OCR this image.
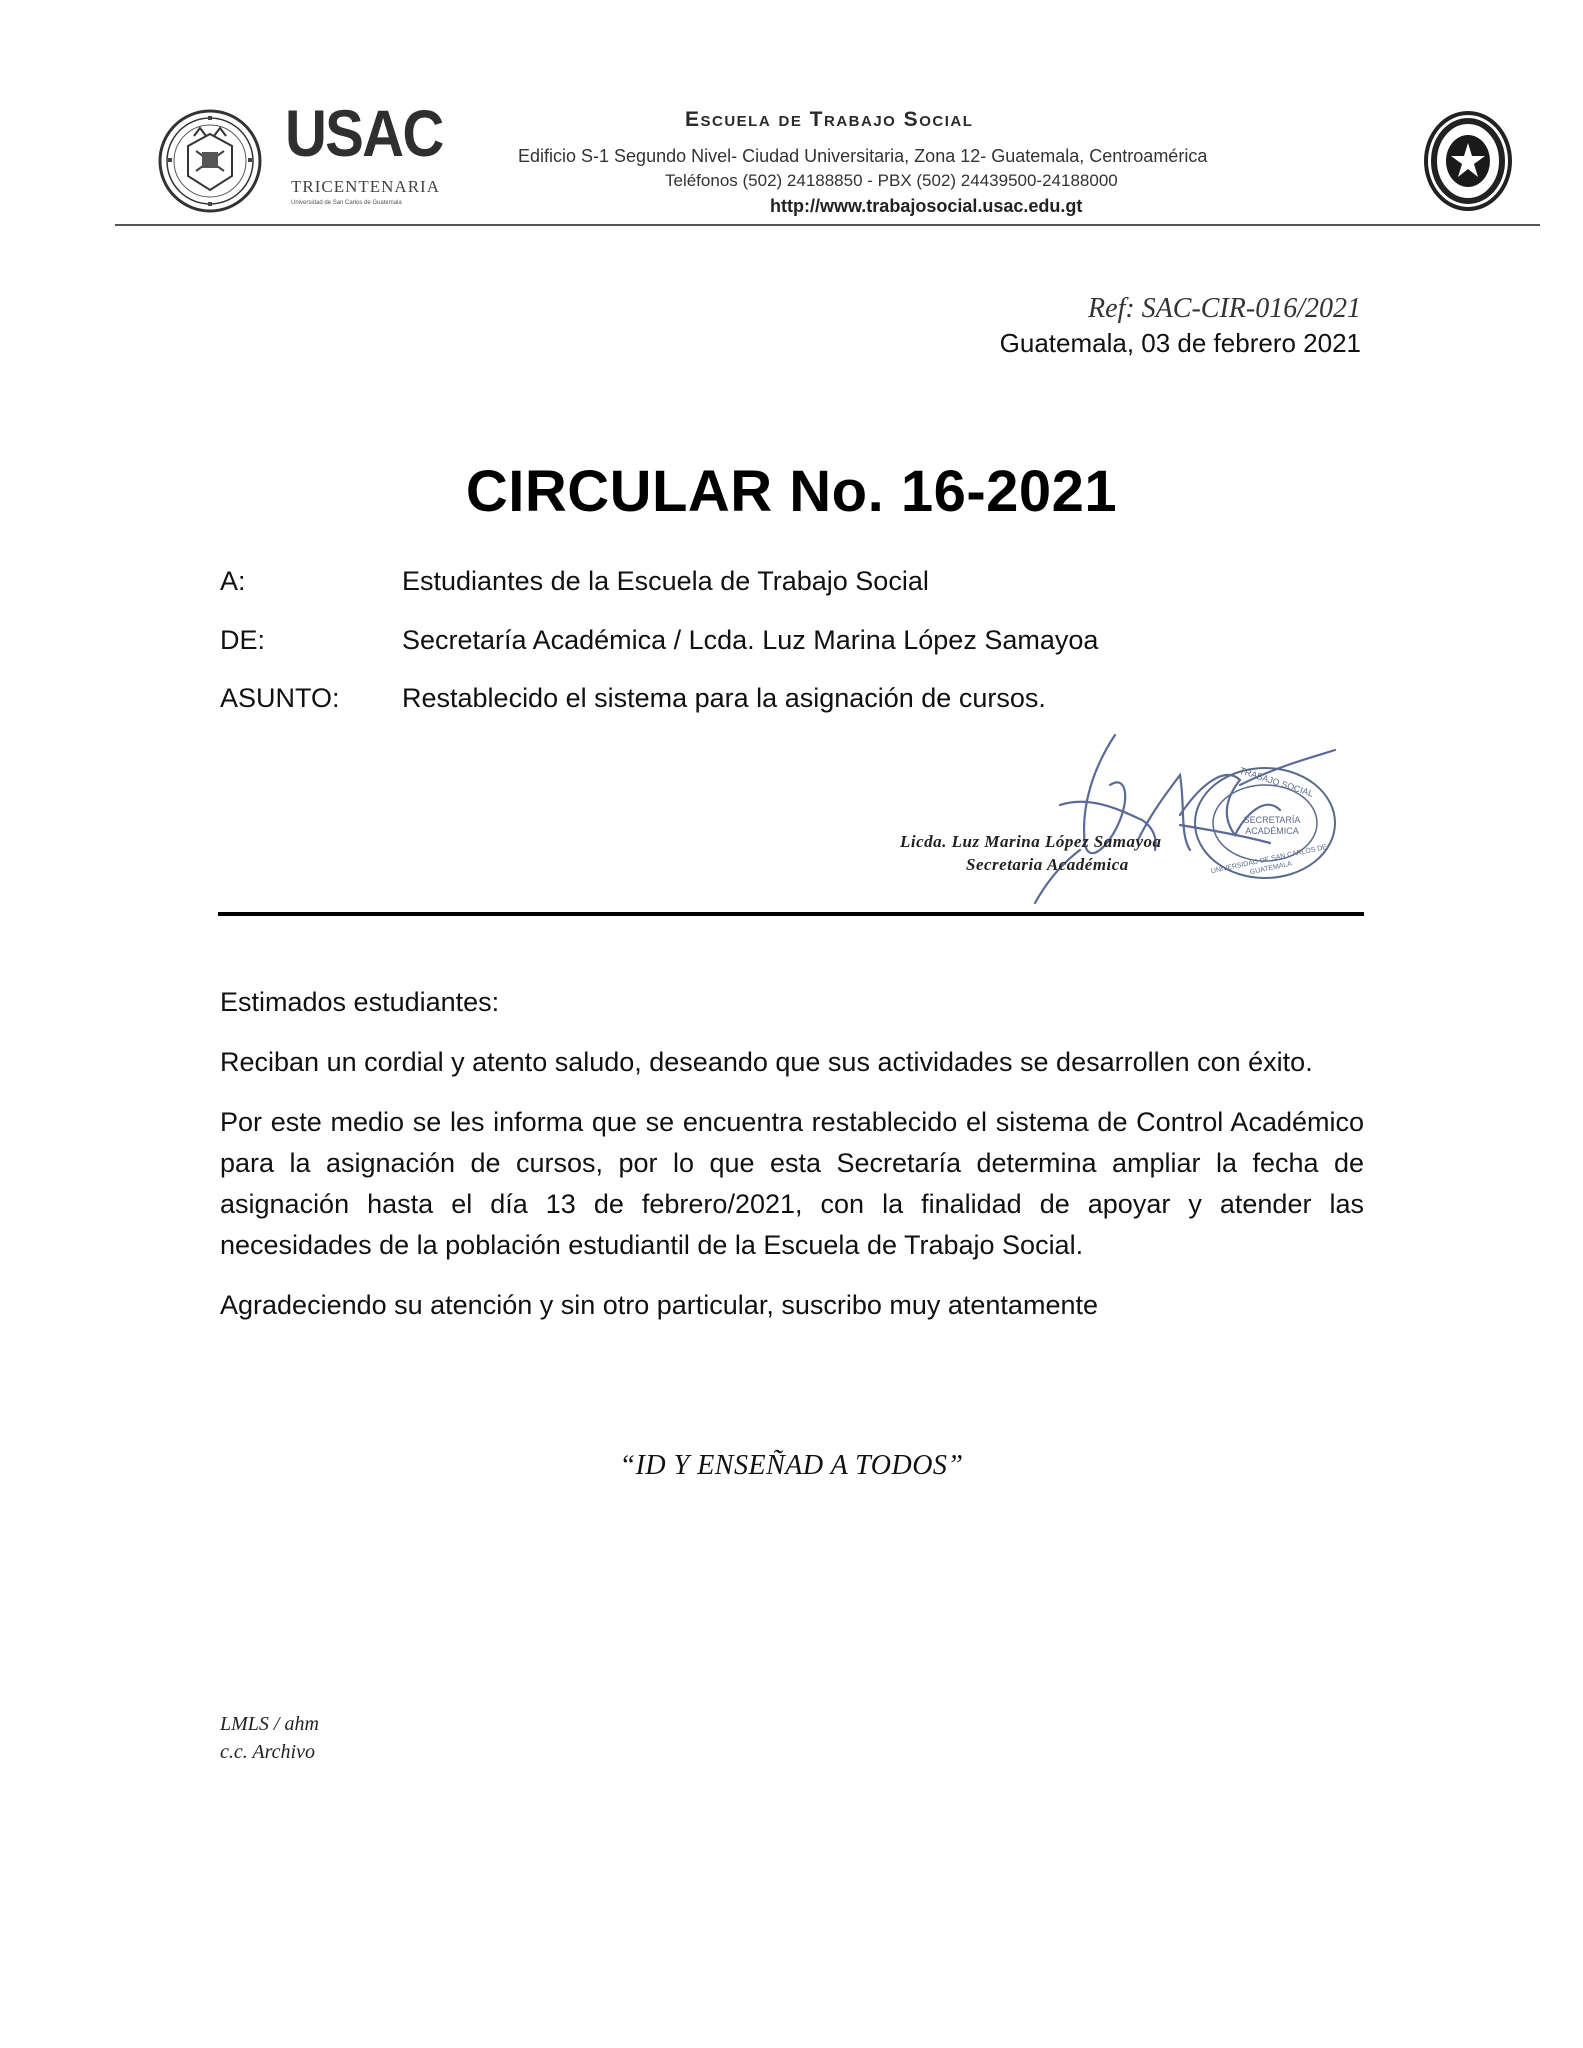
USAC
TRICENTENARIA
Universidad de San Carlos de Guatemala
Escuela de Trabajo Social
Edificio S-1 Segundo Nivel- Ciudad Universitaria, Zona 12- Guatemala, Centroamérica
Teléfonos (502) 24188850 - PBX (502) 24439500-24188000
http://www.trabajosocial.usac.edu.gt
Ref: SAC-CIR-016/2021
Guatemala, 03 de febrero 2021
CIRCULAR No. 16-2021
A:	Estudiantes de la Escuela de Trabajo Social
DE:	Secretaría Académica / Lcda. Luz Marina López Samayoa
ASUNTO: Restablecido el sistema para la asignación de cursos.
TRABAJO SOCIAL
SECRETARÍA ACADÉMICA
UNIVERSIDAD DE SAN CARLOS DE GUATEMALA
Licda. Luz Marina López Samayoa
Secretaria Académica

Estimados estudiantes:

Reciban un cordial y atento saludo, deseando que sus actividades se desarrollen con éxito.

Por este medio se les informa que se encuentra restablecido el sistema de Control Académico para la asignación de cursos, por lo que esta Secretaría determina ampliar la fecha de asignación hasta el día 13 de febrero/2021, con la finalidad de apoyar y atender las necesidades de la población estudiantil de la Escuela de Trabajo Social.

Agradeciendo su atención y sin otro particular, suscribo muy atentamente

“ID Y ENSEÑAD A TODOS”
LMLS / ahm
c.c. Archivo
